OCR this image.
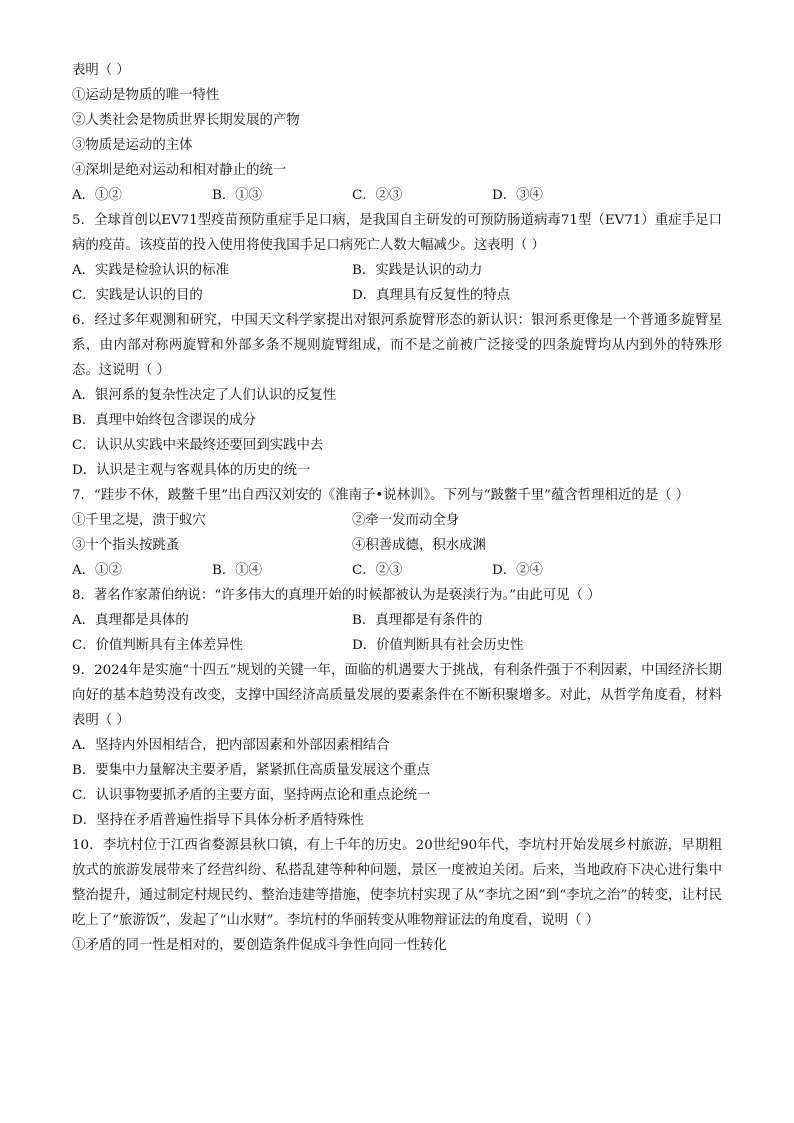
表明（ ）
①运动是物质的唯一特性
②人类社会是物质世界长期发展的产物
③物质是运动的主体
④深圳是绝对运动和相对静止的统一
A．①②	B．①③	C．②③	D．③④
5．全球首创以EV71型疫苗预防重症手足口病，是我国自主研发的可预防肠道病毒71型（EV71）重症手足口病的疫苗。该疫苗的投入使用将使我国手足口病死亡人数大幅减少。这表明（ ）
A．实践是检验认识的标准	B．实践是认识的动力
C．实践是认识的目的	D．真理具有反复性的特点
6．经过多年观测和研究，中国天文科学家提出对银河系旋臂形态的新认识：银河系更像是一个普通多旋臂星系，由内部对称两旋臂和外部多条不规则旋臂组成，而不是之前被广泛接受的四条旋臂均从内到外的特殊形态。这说明（ ）
A．银河系的复杂性决定了人们认识的反复性
B．真理中始终包含谬误的成分
C．认识从实践中来最终还要回到实践中去
D．认识是主观与客观具体的历史的统一
7．“跬步不休，跛鳖千里”出自西汉刘安的《淮南子•说林训》。下列与“跛鳖千里”蕴含哲理相近的是（ ）
①千里之堤，溃于蚁穴	②牵一发而动全身
③十个指头按跳蚤	④积善成德，积水成渊
A．①②	B．①④	C．②③	D．②④
8．著名作家萧伯纳说：“许多伟大的真理开始的时候都被认为是亵渎行为。”由此可见（ ）
A．真理都是具体的	B．真理都是有条件的
C．价值判断具有主体差异性	D．价值判断具有社会历史性
9．2024年是实施“十四五”规划的关键一年，面临的机遇要大于挑战，有利条件强于不利因素，中国经济长期向好的基本趋势没有改变，支撑中国经济高质量发展的要素条件在不断积聚增多。对此，从哲学角度看，材料表明（ ）
A．坚持内外因相结合，把内部因素和外部因素相结合
B．要集中力量解决主要矛盾，紧紧抓住高质量发展这个重点
C．认识事物要抓矛盾的主要方面，坚持两点论和重点论统一
D．坚持在矛盾普遍性指导下具体分析矛盾特殊性
10．李坑村位于江西省婺源县秋口镇，有上千年的历史。20世纪90年代，李坑村开始发展乡村旅游，早期粗放式的旅游发展带来了经营纠纷、私搭乱建等种种问题，景区一度被迫关闭。后来，当地政府下决心进行集中整治提升，通过制定村规民约、整治违建等措施，使李坑村实现了从“李坑之困”到“李坑之治”的转变，让村民吃上了“旅游饭”，发起了“山水财”。李坑村的华丽转变从唯物辩证法的角度看，说明（ ）
①矛盾的同一性是相对的，要创造条件促成斗争性向同一性转化
